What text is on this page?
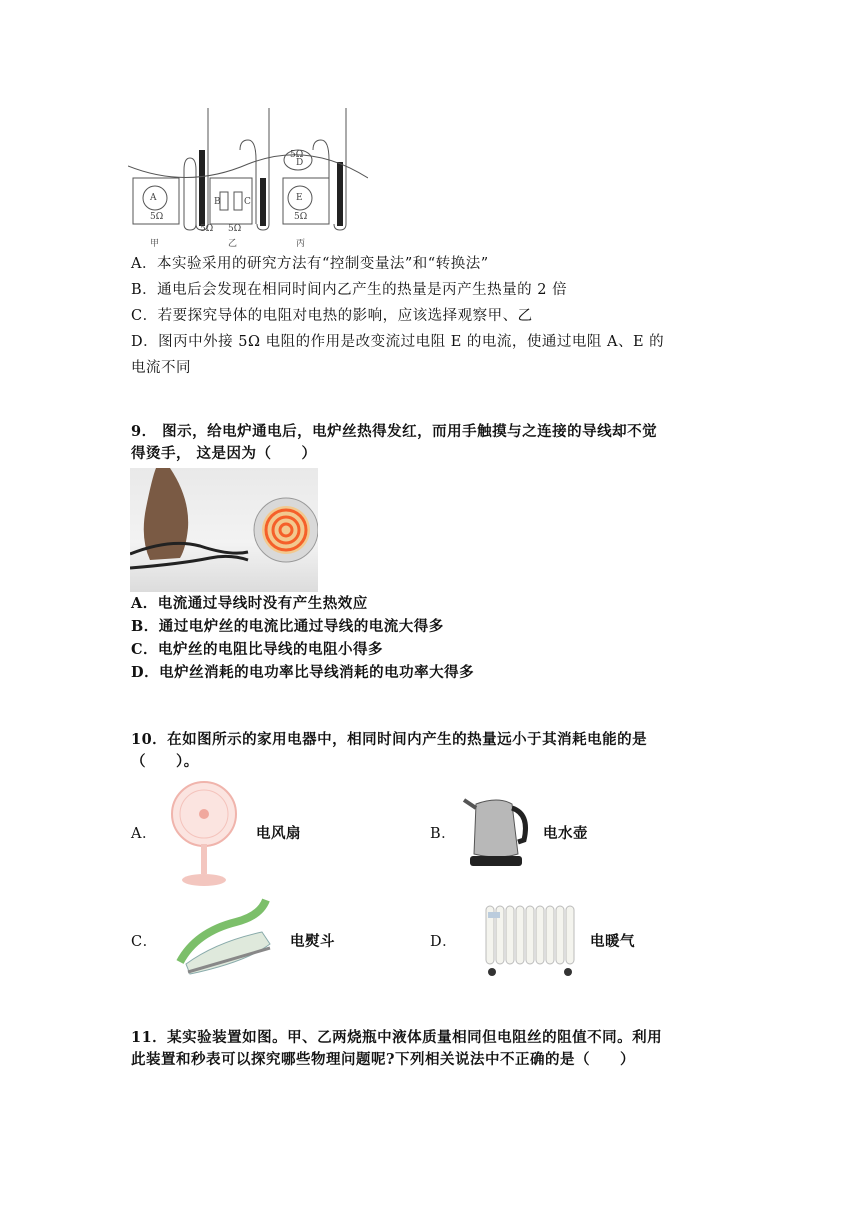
A
5Ω
B	C
5Ω 5Ω
5Ω
D
E
5Ω
甲	乙	丙
A．本实验采用的研究方法有“控制变量法”和“转换法”
B．通电后会发现在相同时间内乙产生的热量是丙产生热量的 2 倍
C．若要探究导体的电阻对电热的影响，应该选择观察甲、乙
D．图丙中外接 5Ω 电阻的作用是改变流过电阻 E 的电流，使通过电阻 A、E 的
电流不同
9． 图示，给电炉通电后，电炉丝热得发红，而用手触摸与之连接的导线却不觉
得烫手， 这是因为（　　）
A．电流通过导线时没有产生热效应
B．通过电炉丝的电流比通过导线的电流大得多
C．电炉丝的电阻比导线的电阻小得多
D．电炉丝消耗的电功率比导线消耗的电功率大得多
10．在如图所示的家用电器中，相同时间内产生的热量远小于其消耗电能的是
（　　）。
A．	电风扇	B．	电水壶
C．	电熨斗	D．	电暖气
11．某实验装置如图。甲、乙两烧瓶中液体质量相同但电阻丝的阻值不同。利用
此装置和秒表可以探究哪些物理问题呢?下列相关说法中不正确的是（　　）
